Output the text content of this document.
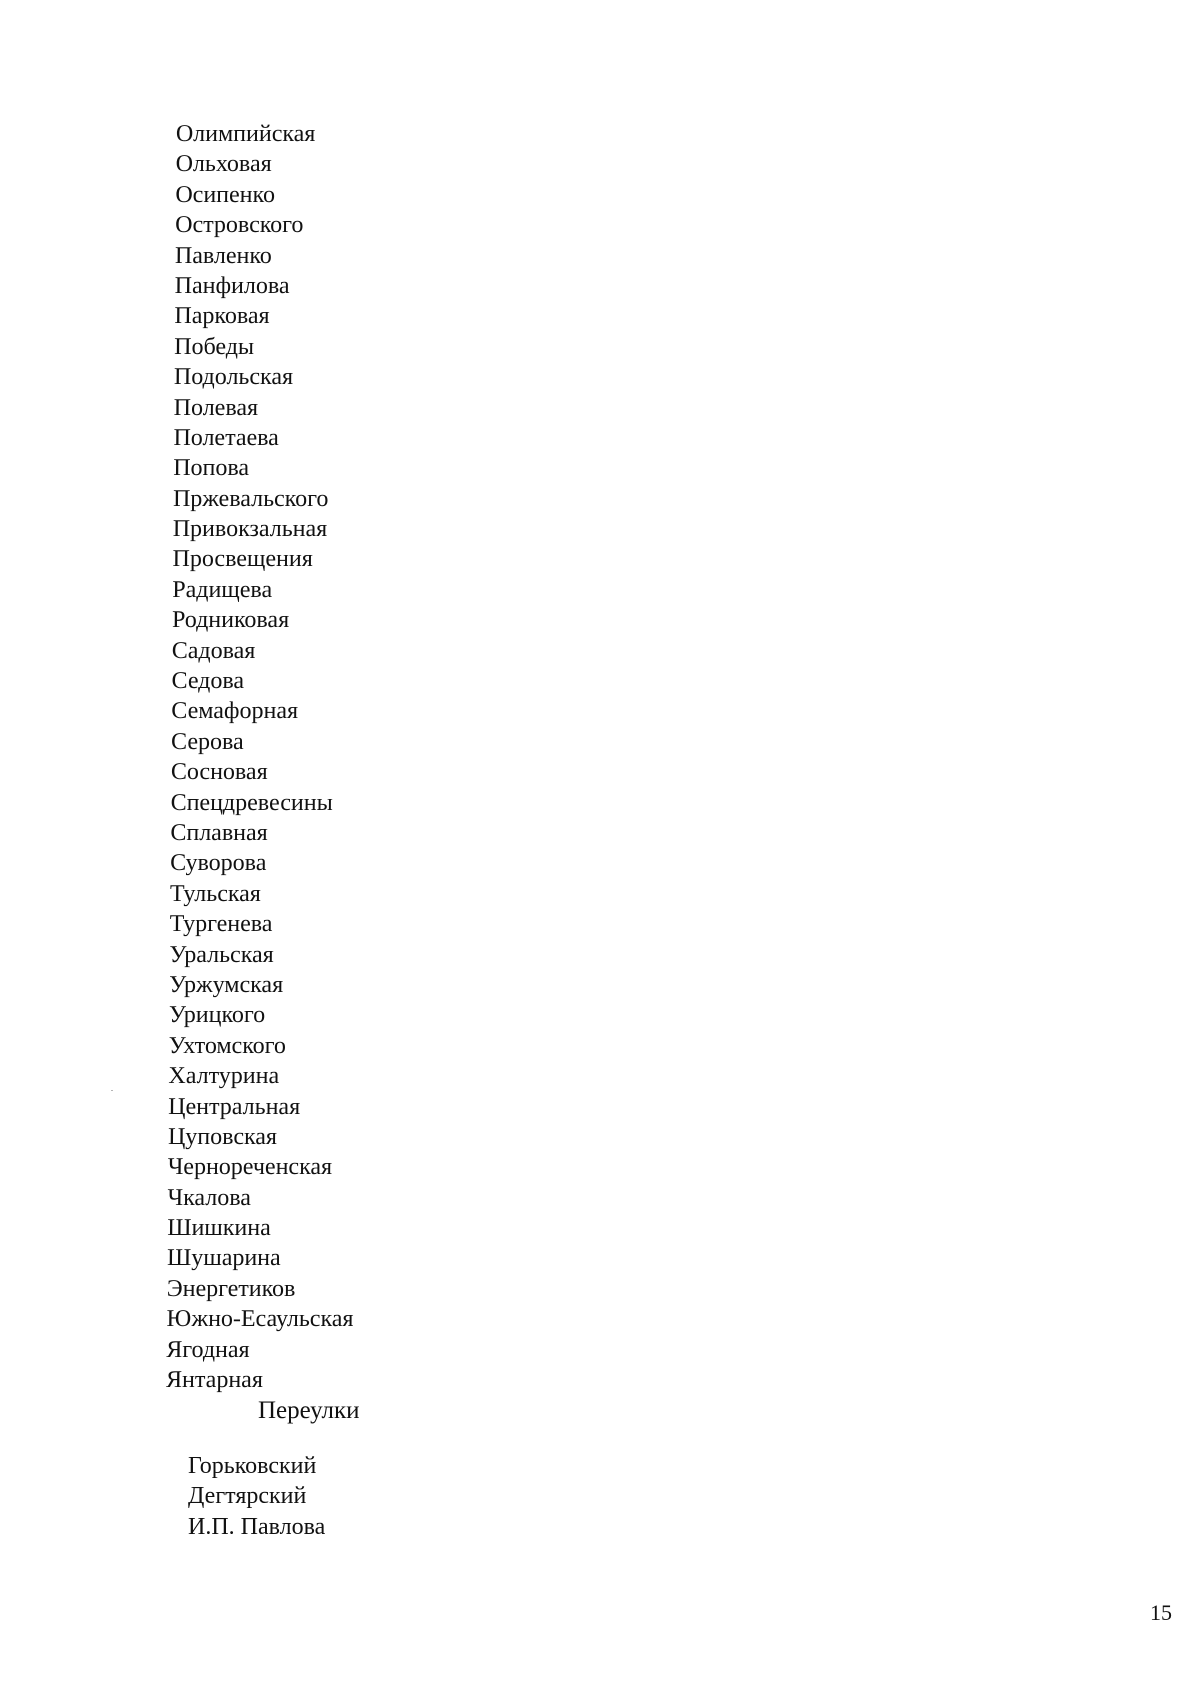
Олимпийская
Ольховая
Осипенко
Островского
Павленко
Панфилова
Парковая
Победы
Подольская
Полевая
Полетаева
Попова
Пржевальского
Привокзальная
Просвещения
Радищева
Родниковая
Садовая
Седова
Семафорная
Серова
Сосновая
Спецдревесины
Сплавная
Суворова
Тульская
Тургенева
Уральская
Уржумская
Урицкого
Ухтомского
Халтурина
Центральная
Цуповская
Чернореченская
Чкалова
Шишкина
Шушарина
Энергетиков
Южно-Есаульская
Ягодная
Янтарная
Переулки
Горьковский
Дегтярский
И.П. Павлова
15
